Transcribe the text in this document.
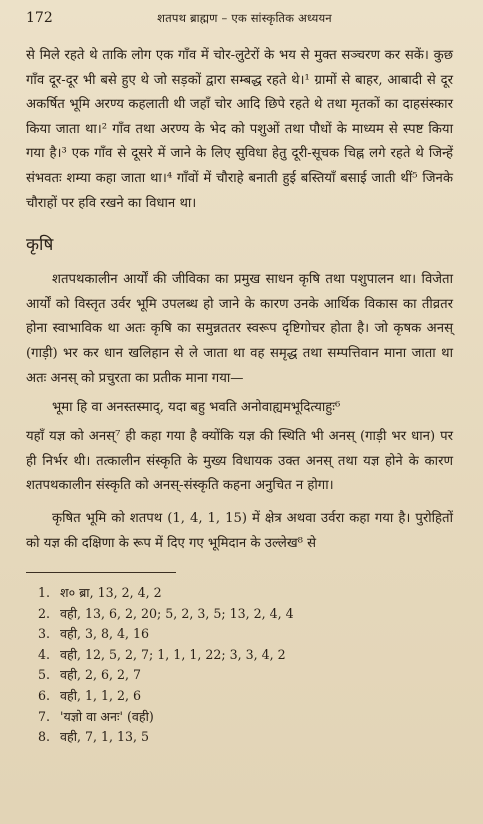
172	शतपथ ब्राह्मण – एक सांस्कृतिक अध्ययन

से मिले रहते थे ताकि लोग एक गाँव में चोर-लुटेरों के भय से मुक्त सञ्चरण कर सकें। कुछ गाँव दूर-दूर भी बसे हुए थे जो सड़कों द्वारा सम्बद्ध रहते थे।¹ ग्रामों से बाहर, आबादी से दूर अकर्षित भूमि अरण्य कहलाती थी जहाँ चोर आदि छिपे रहते थे तथा मृतकों का दाहसंस्कार किया जाता था।² गाँव तथा अरण्य के भेद को पशुओं तथा पौधों के माध्यम से स्पष्ट किया गया है।³ एक गाँव से दूसरे में जाने के लिए सुविधा हेतु दूरी-सूचक चिह्न लगे रहते थे जिन्हें संभवतः शम्या कहा जाता था।⁴ गाँवों में चौराहे बनाती हुई बस्तियाँ बसाई जाती थीं⁵ जिनके चौराहों पर हवि रखने का विधान था।

कृषि

शतपथकालीन आर्यों की जीविका का प्रमुख साधन कृषि तथा पशुपालन था। विजेता आर्यों को विस्तृत उर्वर भूमि उपलब्ध हो जाने के कारण उनके आर्थिक विकास का तीव्रतर होना स्वाभाविक था अतः कृषि का समुन्नततर स्वरूप दृष्टिगोचर होता है। जो कृषक अनस् (गाड़ी) भर कर धान खलिहान से ले जाता था वह समृद्ध तथा सम्पत्तिवान माना जाता था अतः अनस् को प्रचुरता का प्रतीक माना गया—

भूमा हि वा अनस्तस्माद्, यदा बहु भवति अनोवाह्यमभूदित्याहुः⁶

यहाँ यज्ञ को अनस्⁷ ही कहा गया है क्योंकि यज्ञ की स्थिति भी अनस् (गाड़ी भर धान) पर ही निर्भर थी। तत्कालीन संस्कृति के मुख्य विधायक उक्त अनस् तथा यज्ञ होने के कारण शतपथकालीन संस्कृति को अनस्-संस्कृति कहना अनुचित न होगा।

कृषित भूमि को शतपथ (1, 4, 1, 15) में क्षेत्र अथवा उर्वरा कहा गया है। पुरोहितों को यज्ञ की दक्षिणा के रूप में दिए गए भूमिदान के उल्लेख⁸ से

1. श० ब्रा, 13, 2, 4, 2
2. वही, 13, 6, 2, 20; 5, 2, 3, 5; 13, 2, 4, 4
3. वही, 3, 8, 4, 16
4. वही, 12, 5, 2, 7; 1, 1, 1, 22; 3, 3, 4, 2
5. वही, 2, 6, 2, 7
6. वही, 1, 1, 2, 6
7. 'यज्ञो वा अनः' (वही)
8. वही, 7, 1, 13, 5
